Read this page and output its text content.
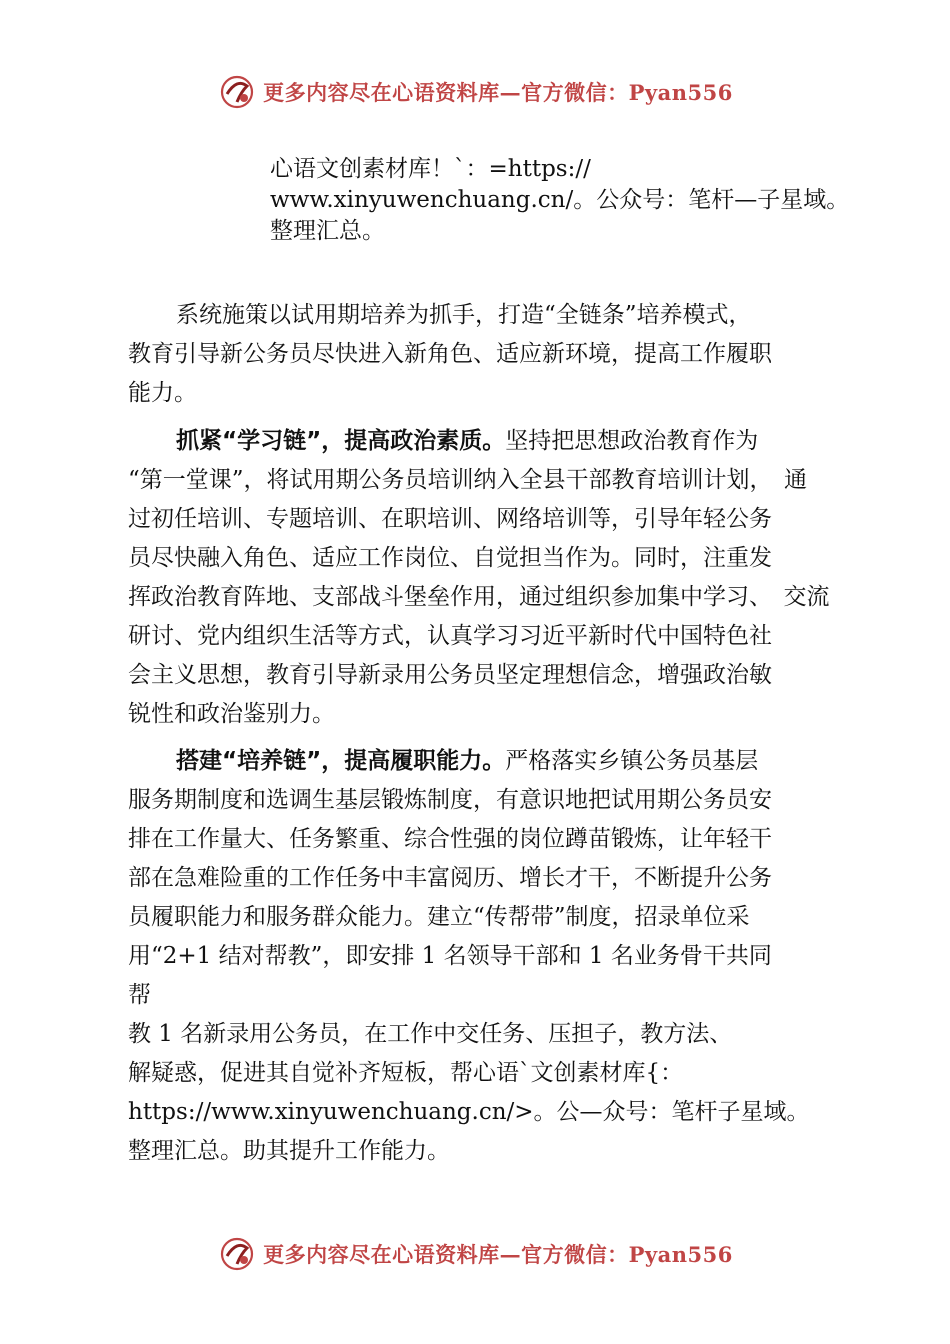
更多内容尽在心语资料库—官方微信：Pyan556
心语文创素材库！`：=https://
www.xinyuwenchuang.cn/。公众号：笔杆—子星域。
整理汇总。
系统施策以试用期培养为抓手，打造“全链条”培养模式，
教育引导新公务员尽快进入新角色、适应新环境，提高工作履职
能力。
抓紧“学习链”，提高政治素质。坚持把思想政治教育作为
“第一堂课”，将试用期公务员培训纳入全县干部教育培训计划，　通
过初任培训、专题培训、在职培训、网络培训等，引导年轻公务
员尽快融入角色、适应工作岗位、自觉担当作为。同时，注重发
挥政治教育阵地、支部战斗堡垒作用，通过组织参加集中学习、　交流
研讨、党内组织生活等方式，认真学习习近平新时代中国特色社
会主义思想，教育引导新录用公务员坚定理想信念，增强政治敏
锐性和政治鉴别力。
搭建“培养链”，提高履职能力。严格落实乡镇公务员基层
服务期制度和选调生基层锻炼制度，有意识地把试用期公务员安
排在工作量大、任务繁重、综合性强的岗位蹲苗锻炼，让年轻干
部在急难险重的工作任务中丰富阅历、增长才干，不断提升公务
员履职能力和服务群众能力。建立“传帮带”制度，招录单位采
用“2+1 结对帮教”，即安排 1 名领导干部和 1 名业务骨干共同
帮
教 1 名新录用公务员，在工作中交任务、压担子，教方法、
解疑惑，促进其自觉补齐短板，帮心语`文创素材库{：
https://www.xinyuwenchuang.cn/>。公—众号：笔杆子星域。
整理汇总。助其提升工作能力。
更多内容尽在心语资料库—官方微信：Pyan556
